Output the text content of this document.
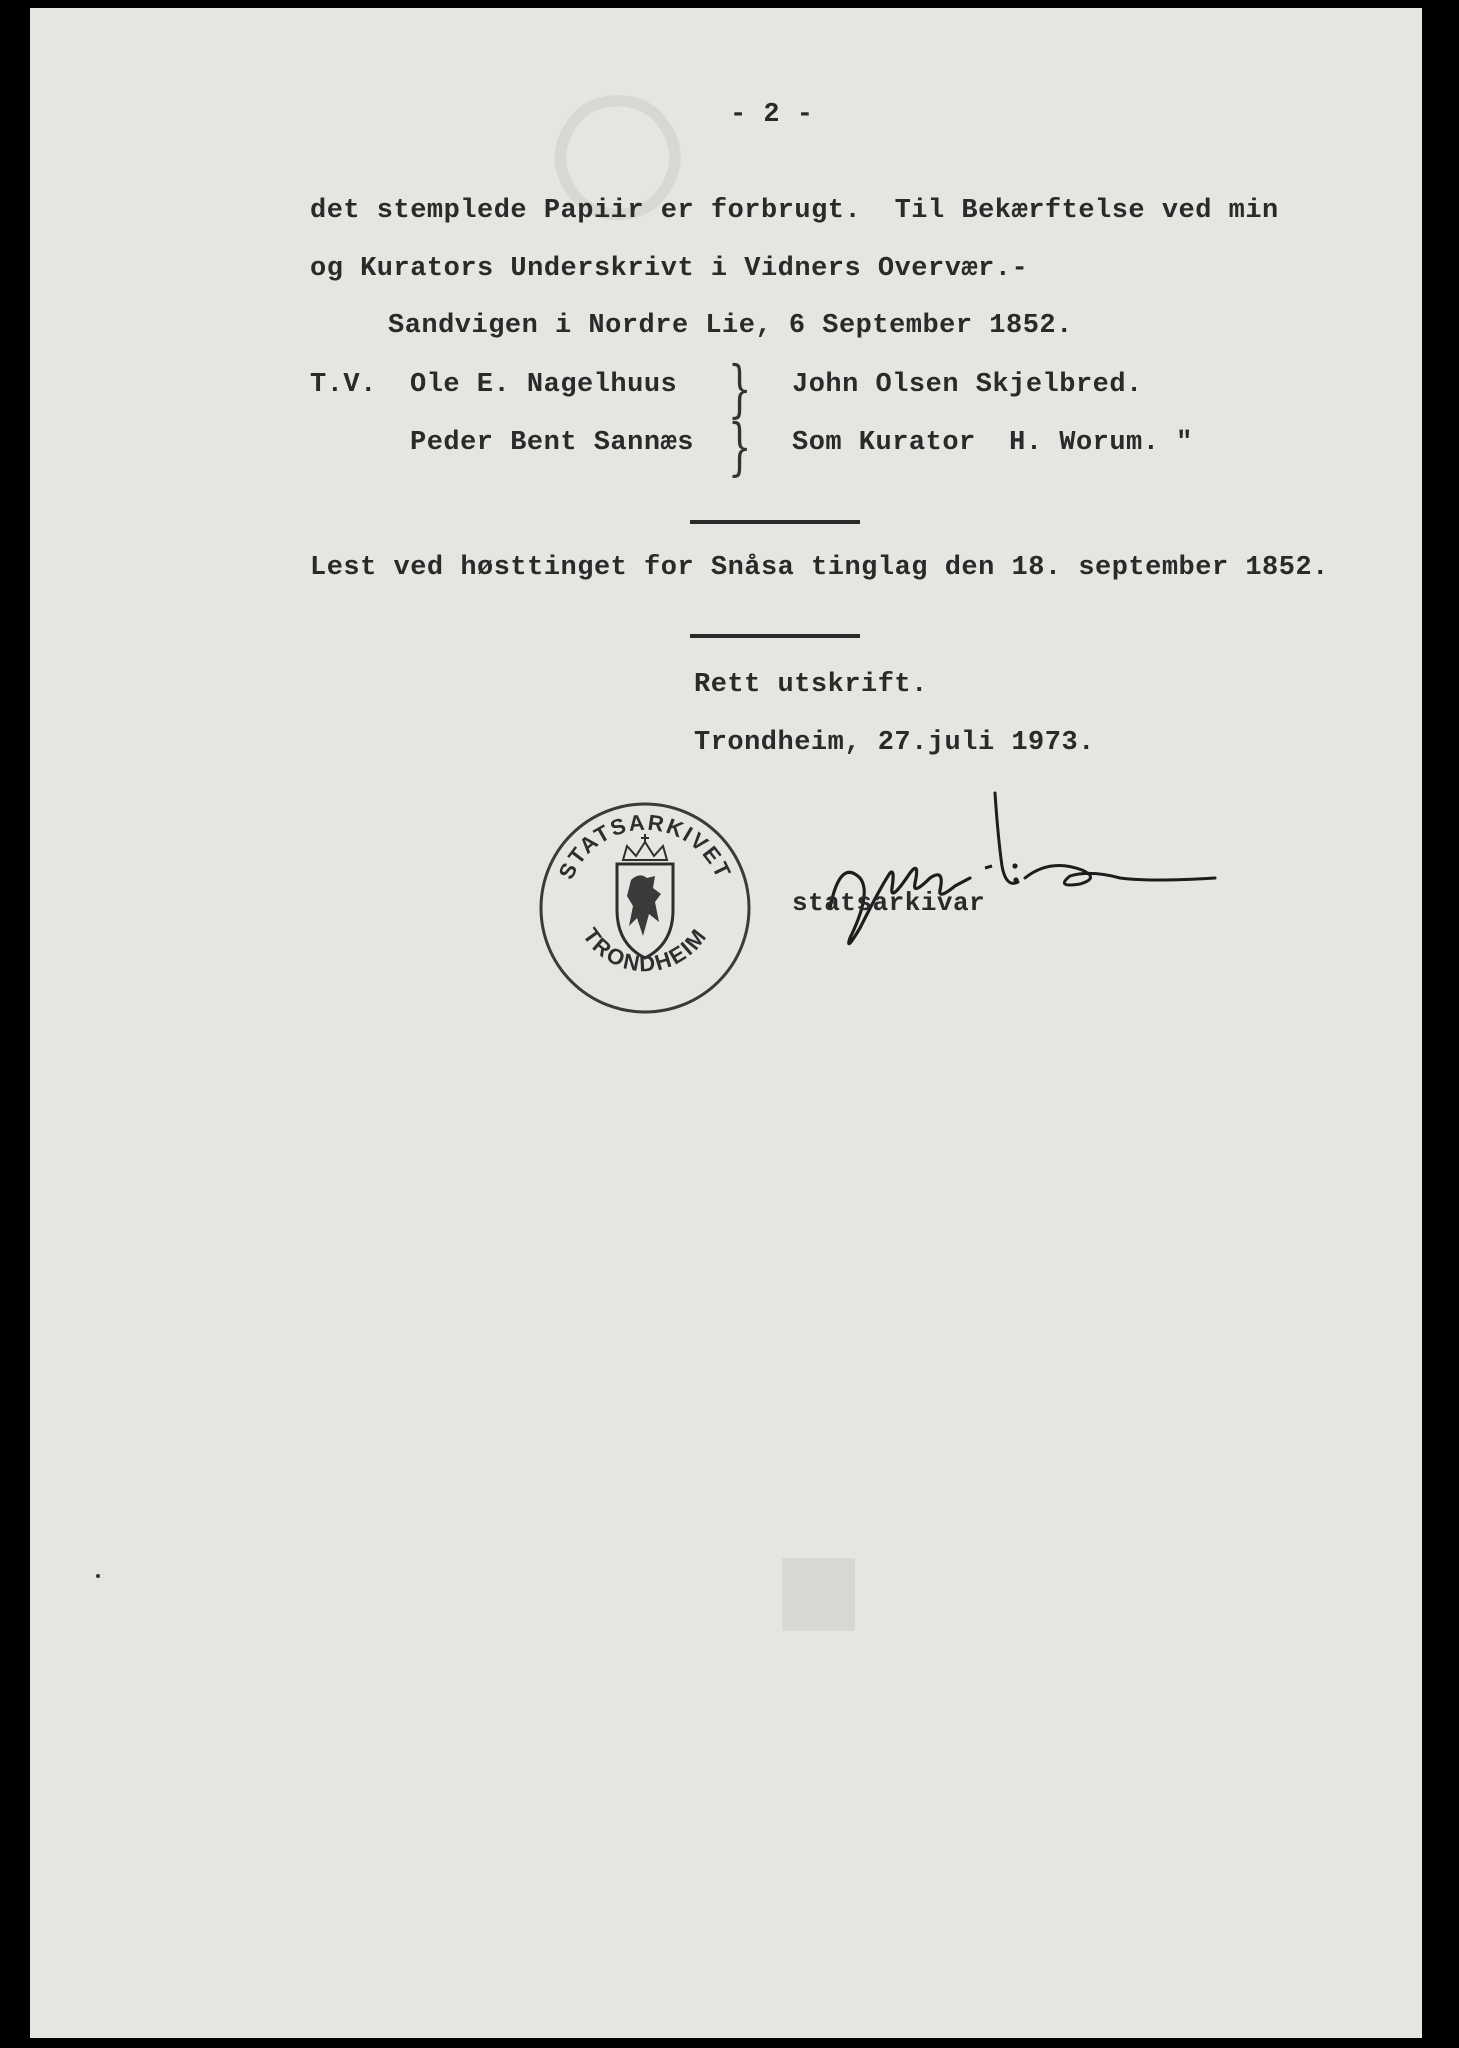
◯
■
- 2 -
det stemplede Papiir er forbrugt.  Til Bekærftelse ved min
og Kurators Underskrivt i Vidners Overvær.-
Sandvigen i Nordre Lie, 6 September 1852.
T.V. Ole E. Nagelhuus
Peder Bent Sannæs
}
}
John Olsen Skjelbred.
Som Kurator  H. Worum. "
Lest ved høsttinget for Snåsa tinglag den 18. september 1852.
Rett utskrift.
Trondheim, 27.juli 1973.
STATSARKIVET
TRONDHEIM
statsarkivar
